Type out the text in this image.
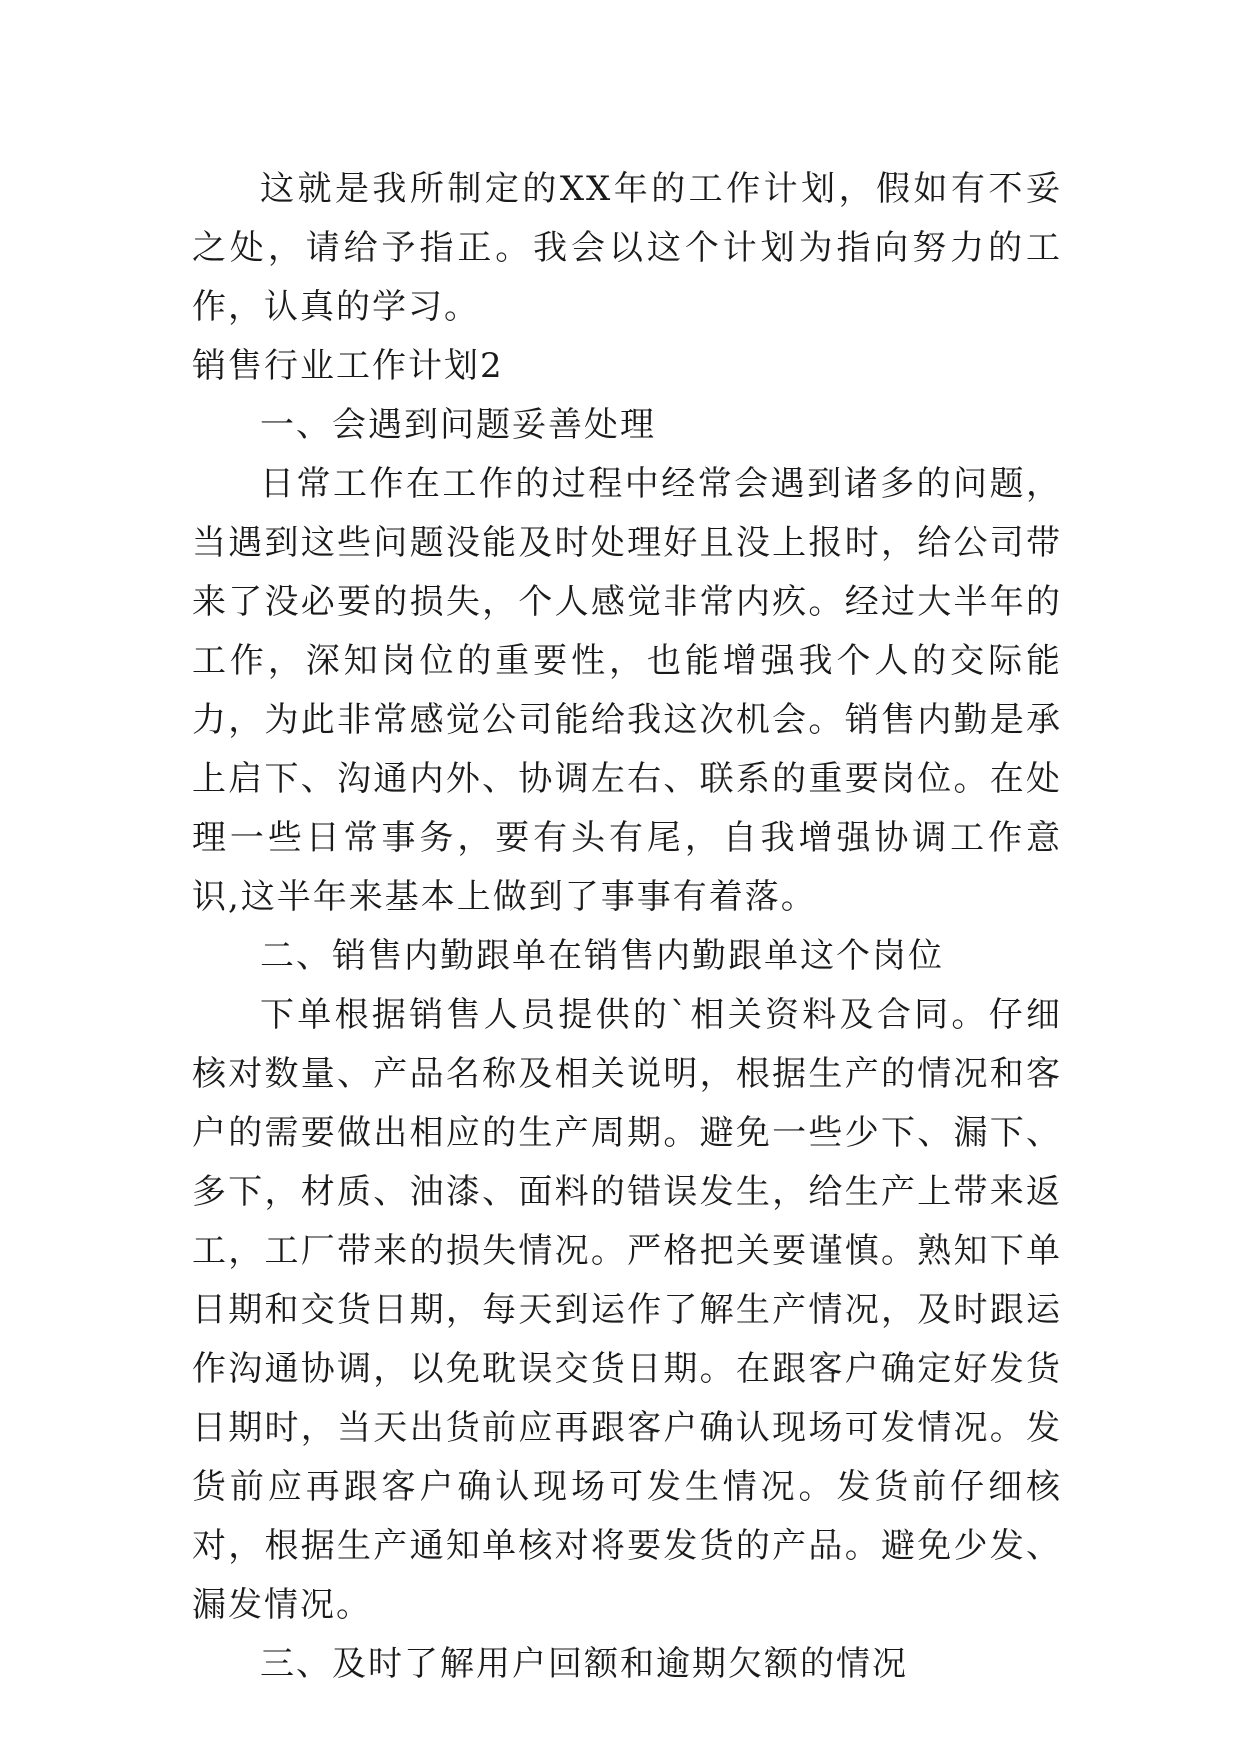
这就是我所制定的XX年的工作计划，假如有不妥之处，请给予指正。我会以这个计划为指向努力的工作，认真的学习。

销售行业工作计划2

一、会遇到问题妥善处理

日常工作在工作的过程中经常会遇到诸多的问题，当遇到这些问题没能及时处理好且没上报时，给公司带来了没必要的损失，个人感觉非常内疚。经过大半年的工作，深知岗位的重要性，也能增强我个人的交际能力，为此非常感觉公司能给我这次机会。销售内勤是承上启下、沟通内外、协调左右、联系的重要岗位。在处理一些日常事务，要有头有尾，自我增强协调工作意识,这半年来基本上做到了事事有着落。

二、销售内勤跟单在销售内勤跟单这个岗位

下单根据销售人员提供的`相关资料及合同。仔细核对数量、产品名称及相关说明，根据生产的情况和客户的需要做出相应的生产周期。避免一些少下、漏下、多下，材质、油漆、面料的错误发生，给生产上带来返工，工厂带来的损失情况。严格把关要谨慎。熟知下单日期和交货日期，每天到运作了解生产情况，及时跟运作沟通协调，以免耽误交货日期。在跟客户确定好发货日期时，当天出货前应再跟客户确认现场可发情况。发货前应再跟客户确认现场可发生情况。发货前仔细核对，根据生产通知单核对将要发货的产品。避免少发、漏发情况。

三、及时了解用户回额和逾期欠额的情况
